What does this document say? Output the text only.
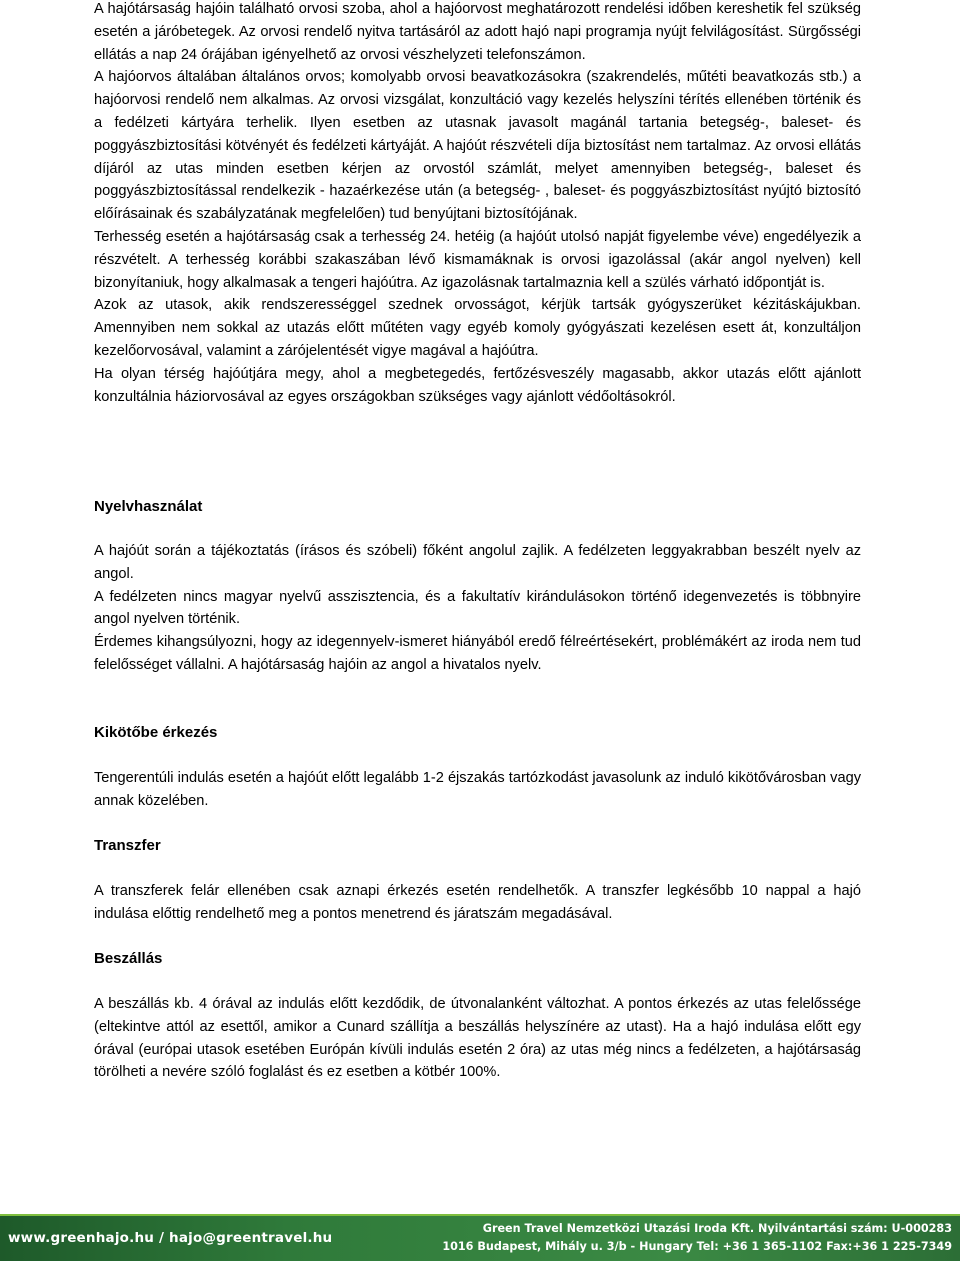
A hajótársaság hajóin található orvosi szoba, ahol a hajóorvost meghatározott rendelési időben kereshetik fel szükség esetén a járóbetegek. Az orvosi rendelő nyitva tartásáról az adott hajó napi programja nyújt felvilágosítást. Sürgősségi ellátás a nap 24 órájában igényelhető az orvosi vészhelyzeti telefonszámon.

A hajóorvos általában általános orvos; komolyabb orvosi beavatkozásokra (szakrendelés, műtéti beavatkozás stb.) a hajóorvosi rendelő nem alkalmas. Az orvosi vizsgálat, konzultáció vagy kezelés helyszíni térítés ellenében történik és a fedélzeti kártyára terhelik. Ilyen esetben az utasnak javasolt magánál tartania betegség-, baleset- és poggyászbiztosítási kötvényét és fedélzeti kártyáját. A hajóút részvételi díja biztosítást nem tartalmaz. Az orvosi ellátás díjáról az utas minden esetben kérjen az orvostól számlát, melyet amennyiben betegség-, baleset és poggyászbiztosítással rendelkezik - hazaérkezése után (a betegség- , baleset- és poggyászbiztosítást nyújtó biztosító előírásainak és szabályzatának megfelelően) tud benyújtani biztosítójának.

Terhesség esetén a hajótársaság csak a terhesség 24. hetéig (a hajóút utolsó napját figyelembe véve) engedélyezik a részvételt. A terhesség korábbi szakaszában lévő kismamáknak is orvosi igazolással (akár angol nyelven) kell bizonyítaniuk, hogy alkalmasak a tengeri hajóútra. Az igazolásnak tartalmaznia kell a szülés várható időpontját is.

Azok az utasok, akik rendszerességgel szednek orvosságot, kérjük tartsák gyógyszerüket kézitáskájukban. Amennyiben nem sokkal az utazás előtt műtéten vagy egyéb komoly gyógyászati kezelésen esett át, konzultáljon kezelőorvosával, valamint a zárójelentését vigye magával a hajóútra.

Ha olyan térség hajóútjára megy, ahol a megbetegedés, fertőzésveszély magasabb, akkor utazás előtt ajánlott konzultálnia háziorvosával az egyes országokban szükséges vagy ajánlott védőoltásokról.

Nyelvhasználat

A hajóút során a tájékoztatás (írásos és szóbeli) főként angolul zajlik. A fedélzeten leggyakrabban beszélt nyelv az angol.

A fedélzeten nincs magyar nyelvű asszisztencia, és a fakultatív kirándulásokon történő idegenvezetés is többnyire angol nyelven történik.

Érdemes kihangsúlyozni, hogy az idegennyelv-ismeret hiányából eredő félreértésekért, problémákért az iroda nem tud felelősséget vállalni. A hajótársaság hajóin az angol a hivatalos nyelv.

Kikötőbe érkezés

Tengerentúli indulás esetén a hajóút előtt legalább 1-2 éjszakás tartózkodást javasolunk az induló kikötővárosban vagy annak közelében.

Transzfer

A transzferek felár ellenében csak aznapi érkezés esetén rendelhetők. A transzfer legkésőbb 10 nappal a hajó indulása előttig rendelhető meg a pontos menetrend és járatszám megadásával.

Beszállás

A beszállás kb. 4 órával az indulás előtt kezdődik, de útvonalanként változhat. A pontos érkezés az utas felelőssége (eltekintve attól az esettől, amikor a Cunard szállítja a beszállás helyszínére az utast). Ha a hajó indulása előtt egy órával (európai utasok esetében Európán kívüli indulás esetén 2 óra) az utas még nincs a fedélzeten, a hajótársaság törölheti a nevére szóló foglalást és ez esetben a kötbér 100%.

www.greenhajo.hu / hajo@greentravel.hu
Green Travel Nemzetközi Utazási Iroda Kft. Nyilvántartási szám: U-000283
1016 Budapest, Mihály u. 3/b - Hungary Tel: +36 1 365-1102 Fax:+36 1 225-7349
